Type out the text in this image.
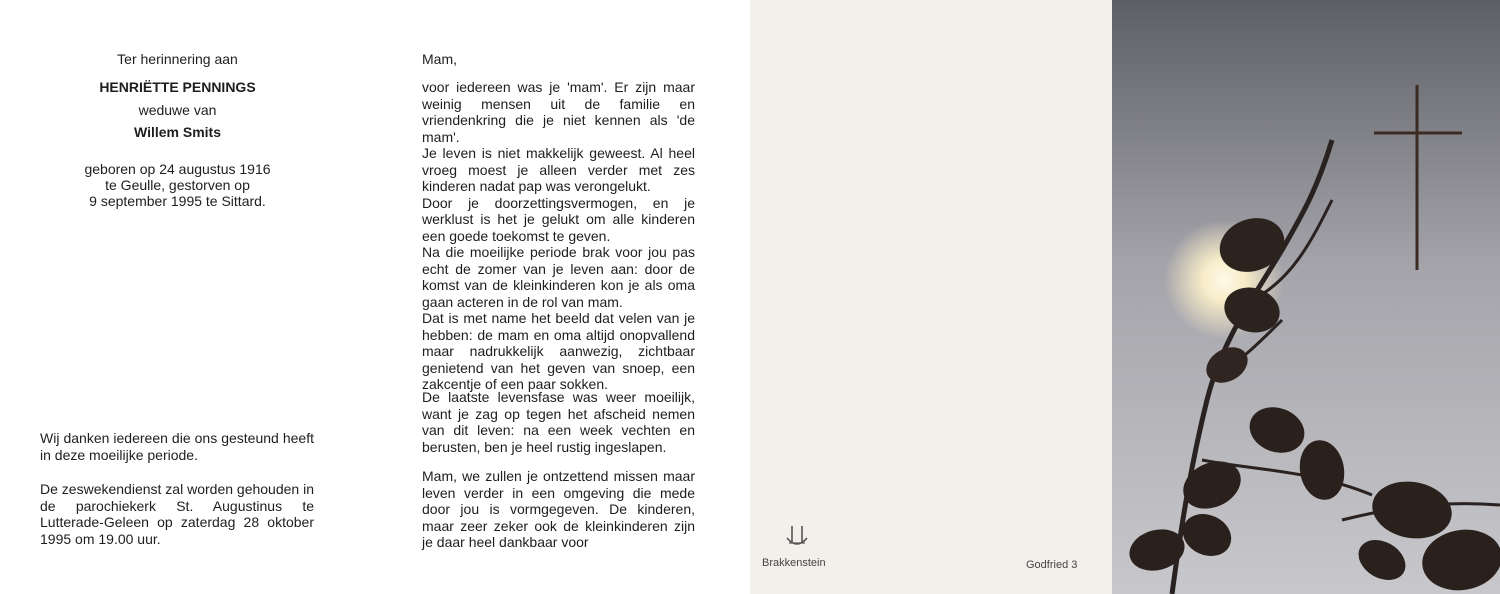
Ter herinnering aan
HENRIËTTE PENNINGS
weduwe van
Willem Smits
geboren op 24 augustus 1916
te Geulle, gestorven op
9 september 1995 te Sittard.
Wij danken iedereen die ons gesteund heeft in deze moeilijke periode.
De zeswekendienst zal worden gehouden in de parochiekerk St. Augustinus te Lutterade-Geleen op zaterdag 28 oktober 1995 om 19.00 uur.
Mam,

voor iedereen was je 'mam'. Er zijn maar weinig mensen uit de familie en vriendenkring die je niet kennen als 'de mam'.

Je leven is niet makkelijk geweest. Al heel vroeg moest je alleen verder met zes kinderen nadat pap was verongelukt.

Door je doorzettingsvermogen, en je werklust is het je gelukt om alle kinderen een goede toekomst te geven.

Na die moeilijke periode brak voor jou pas echt de zomer van je leven aan: door de komst van de kleinkinderen kon je als oma gaan acteren in de rol van mam.

Dat is met name het beeld dat velen van je hebben: de mam en oma altijd onopvallend maar nadrukkelijk aanwezig, zichtbaar genietend van het geven van snoep, een zakcentje of een paar sokken.

De laatste levensfase was weer moeilijk, want je zag op tegen het afscheid nemen van dit leven: na een week vechten en berusten, ben je heel rustig ingeslapen.
Mam, we zullen je ontzettend missen maar leven verder in een omgeving die mede door jou is vormgegeven. De kinderen, maar zeer zeker ook de kleinkinderen zijn je daar heel dankbaar voor
Brakkenstein	Godfried 3
